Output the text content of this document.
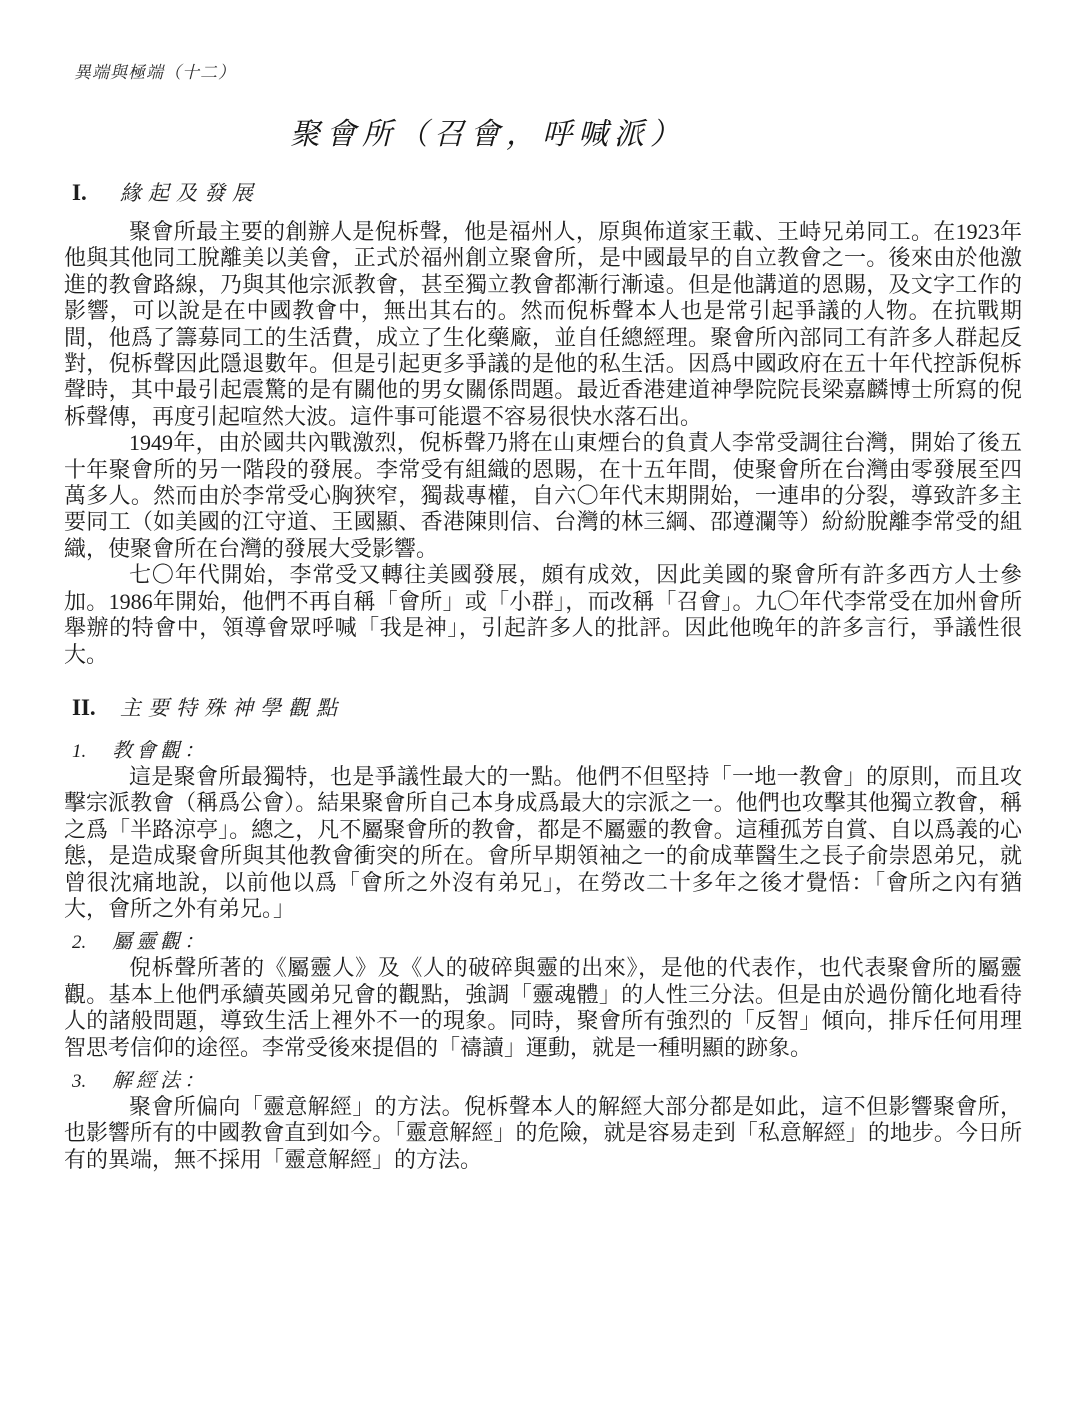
異端與極端（十二）
聚會所（召會，呼喊派）
I.	緣起及發展

聚會所最主要的創辦人是倪柝聲，他是福州人，原與佈道家王載、王峙兄弟同工。在1923年他與其他同工脫離美以美會，正式於福州創立聚會所，是中國最早的自立教會之一。後來由於他激進的教會路線，乃與其他宗派教會，甚至獨立教會都漸行漸遠。但是他講道的恩賜，及文字工作的影響，可以說是在中國教會中，無出其右的。然而倪柝聲本人也是常引起爭議的人物。在抗戰期間，他爲了籌募同工的生活費，成立了生化藥廠，並自任總經理。聚會所內部同工有許多人群起反對，倪柝聲因此隱退數年。但是引起更多爭議的是他的私生活。因爲中國政府在五十年代控訴倪柝聲時，其中最引起震驚的是有關他的男女關係問題。最近香港建道神學院院長梁嘉麟博士所寫的倪柝聲傳，再度引起喧然大波。這件事可能還不容易很快水落石出。

1949年，由於國共內戰激烈，倪柝聲乃將在山東煙台的負責人李常受調往台灣，開始了後五十年聚會所的另一階段的發展。李常受有組織的恩賜，在十五年間，使聚會所在台灣由零發展至四萬多人。然而由於李常受心胸狹窄，獨裁專權，自六〇年代末期開始，一連串的分裂，導致許多主要同工（如美國的江守道、王國顯、香港陳則信、台灣的林三綱、邵遵瀾等）紛紛脫離李常受的組織，使聚會所在台灣的發展大受影響。

七〇年代開始，李常受又轉往美國發展，頗有成效，因此美國的聚會所有許多西方人士參加。1986年開始，他們不再自稱「會所」或「小群」，而改稱「召會」。九〇年代李常受在加州會所舉辦的特會中，領導會眾呼喊「我是神」，引起許多人的批評。因此他晚年的許多言行，爭議性很大。

II.	主要特殊神學觀點
1.	教會觀：

這是聚會所最獨特，也是爭議性最大的一點。他們不但堅持「一地一教會」的原則，而且攻擊宗派教會（稱爲公會）。結果聚會所自己本身成爲最大的宗派之一。他們也攻擊其他獨立教會，稱之爲「半路涼亭」。總之，凡不屬聚會所的教會，都是不屬靈的教會。這種孤芳自賞、自以爲義的心態，是造成聚會所與其他教會衝突的所在。會所早期領袖之一的俞成華醫生之長子俞崇恩弟兄，就曾很沈痛地說，以前他以爲「會所之外沒有弟兄」，在勞改二十多年之後才覺悟：「會所之內有猶大，會所之外有弟兄。」

2.	屬靈觀：

倪柝聲所著的《屬靈人》及《人的破碎與靈的出來》，是他的代表作，也代表聚會所的屬靈觀。基本上他們承續英國弟兄會的觀點，強調「靈魂體」的人性三分法。但是由於過份簡化地看待人的諸般問題，導致生活上裡外不一的現象。同時，聚會所有強烈的「反智」傾向，排斥任何用理智思考信仰的途徑。李常受後來提倡的「禱讀」運動，就是一種明顯的跡象。

3.	解經法：

聚會所偏向「靈意解經」的方法。倪柝聲本人的解經大部分都是如此，這不但影響聚會所，也影響所有的中國教會直到如今。「靈意解經」的危險，就是容易走到「私意解經」的地步。今日所有的異端，無不採用「靈意解經」的方法。
